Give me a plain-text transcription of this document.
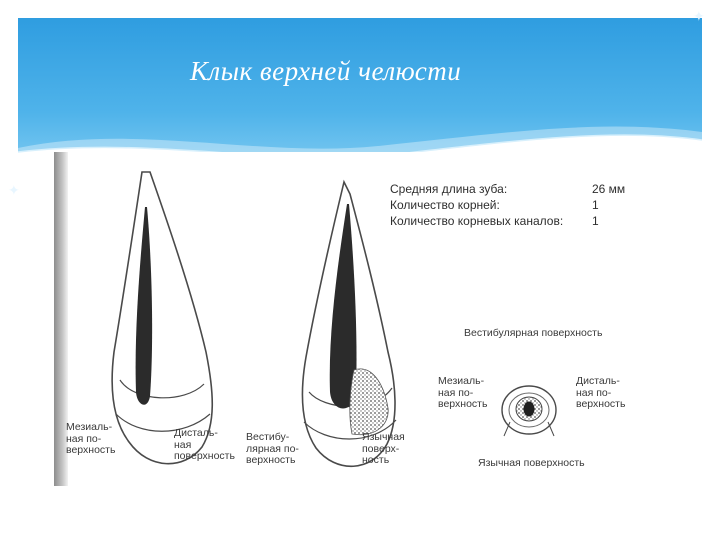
✦
✦
Клык верхней челюсти
Средняя длина зуба:	26 мм
Количество корней:	1
Количество корневых каналов: 1
Мезиаль-
ная по-
верхность
Дисталь-
ная
поверхность
Вестибу-
лярная по-
верхность
Язычная
поверх-
ность
Вестибулярная поверхность
Мезиаль-
ная по-
верхность
Дисталь-
ная по-
верхность
Язычная поверхность
